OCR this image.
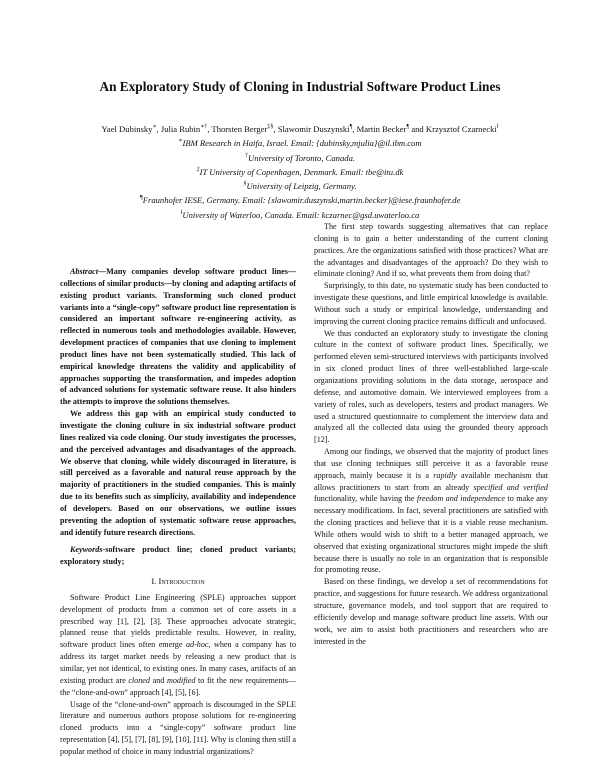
An Exploratory Study of Cloning in Industrial Software Product Lines
Yael Dubinsky∗, Julia Rubin∗†, Thorsten Berger‡§, Slawomir Duszynski¶, Martin Becker¶ and Krzysztof Czarnecki‖
∗IBM Research in Haifa, Israel. Email: {dubinsky,mjulia}@il.ibm.com
†University of Toronto, Canada.
‡IT University of Copenhagen, Denmark. Email: tbe@itu.dk
§University of Leipzig, Germany.
¶Fraunhofer IESE, Germany. Email: {slawomir.duszynski,martin.becker}@iese.fraunhofer.de
‖University of Waterloo, Canada. Email: kczarnec@gsd.uwaterloo.ca

Abstract—Many companies develop software product lines—collections of similar products—by cloning and adapting artifacts of existing product variants. Transforming such cloned product variants into a “single-copy” software product line representation is considered an important software re-engineering activity, as reflected in numerous tools and methodologies available. However, development practices of companies that use cloning to implement product lines have not been systematically studied. This lack of empirical knowledge threatens the validity and applicability of approaches supporting the transformation, and impedes adoption of advanced solutions for systematic software reuse. It also hinders the attempts to improve the solutions themselves.

We address this gap with an empirical study conducted to investigate the cloning culture in six industrial software product lines realized via code cloning. Our study investigates the processes, and the perceived advantages and disadvantages of the approach. We observe that cloning, while widely discouraged in literature, is still perceived as a favorable and natural reuse approach by the majority of practitioners in the studied companies. This is mainly due to its benefits such as simplicity, availability and independence of developers. Based on our observations, we outline issues preventing the adoption of systematic software reuse approaches, and identify future research directions.

Keywords-software product line; cloned product variants; exploratory study;

I. Introduction

Software Product Line Engineering (SPLE) approaches support development of products from a common set of core assets in a prescribed way [1], [2], [3]. These approaches advocate strategic, planned reuse that yields predictable results. However, in reality, software product lines often emerge ad-hoc, when a company has to address its target market needs by releasing a new product that is similar, yet not identical, to existing ones. In many cases, artifacts of an existing product are cloned and modified to fit the new requirements—the “clone-and-own” approach [4], [5], [6].

Usage of the “clone-and-own” approach is discouraged in the SPLE literature and numerous authors propose solutions for re-engineering cloned products into a “single-copy” software product line representation [4], [5], [7], [8], [9], [10], [11]. Why is cloning then still a popular method of choice in many industrial organizations?

The first step towards suggesting alternatives that can replace cloning is to gain a better understanding of the current cloning practices. Are the organizations satisfied with those practices? What are the advantages and disadvantages of the approach? Do they wish to eliminate cloning? And if so, what prevents them from doing that?

Surprisingly, to this date, no systematic study has been conducted to investigate these questions, and little empirical knowledge is available. Without such a study or empirical knowledge, understanding and improving the current cloning practice remains difficult and unfocused.

We thus conducted an exploratory study to investigate the cloning culture in the context of software product lines. Specifically, we performed eleven semi-structured interviews with participants involved in six cloned product lines of three well-established large-scale organizations providing solutions in the data storage, aerospace and defense, and automotive domain. We interviewed employees from a variety of roles, such as developers, testers and product managers. We used a structured questionnaire to complement the interview data and analyzed all the collected data using the grounded theory approach [12].

Among our findings, we observed that the majority of product lines that use cloning techniques still perceive it as a favorable reuse approach, mainly because it is a rapidly available mechanism that allows practitioners to start from an already specified and verified functionality, while having the freedom and independence to make any necessary modifications. In fact, several practitioners are satisfied with the cloning practices and believe that it is a viable reuse mechanism. While others would wish to shift to a better managed approach, we observed that existing organizational structures might impede the shift because there is usually no role in an organization that is responsible for promoting reuse.

Based on these findings, we develop a set of recommendations for practice, and suggestions for future research. We address organizational structure, governance models, and tool support that are required to efficiently develop and manage software product line assets. With our work, we aim to assist both practitioners and researchers who are interested in the
